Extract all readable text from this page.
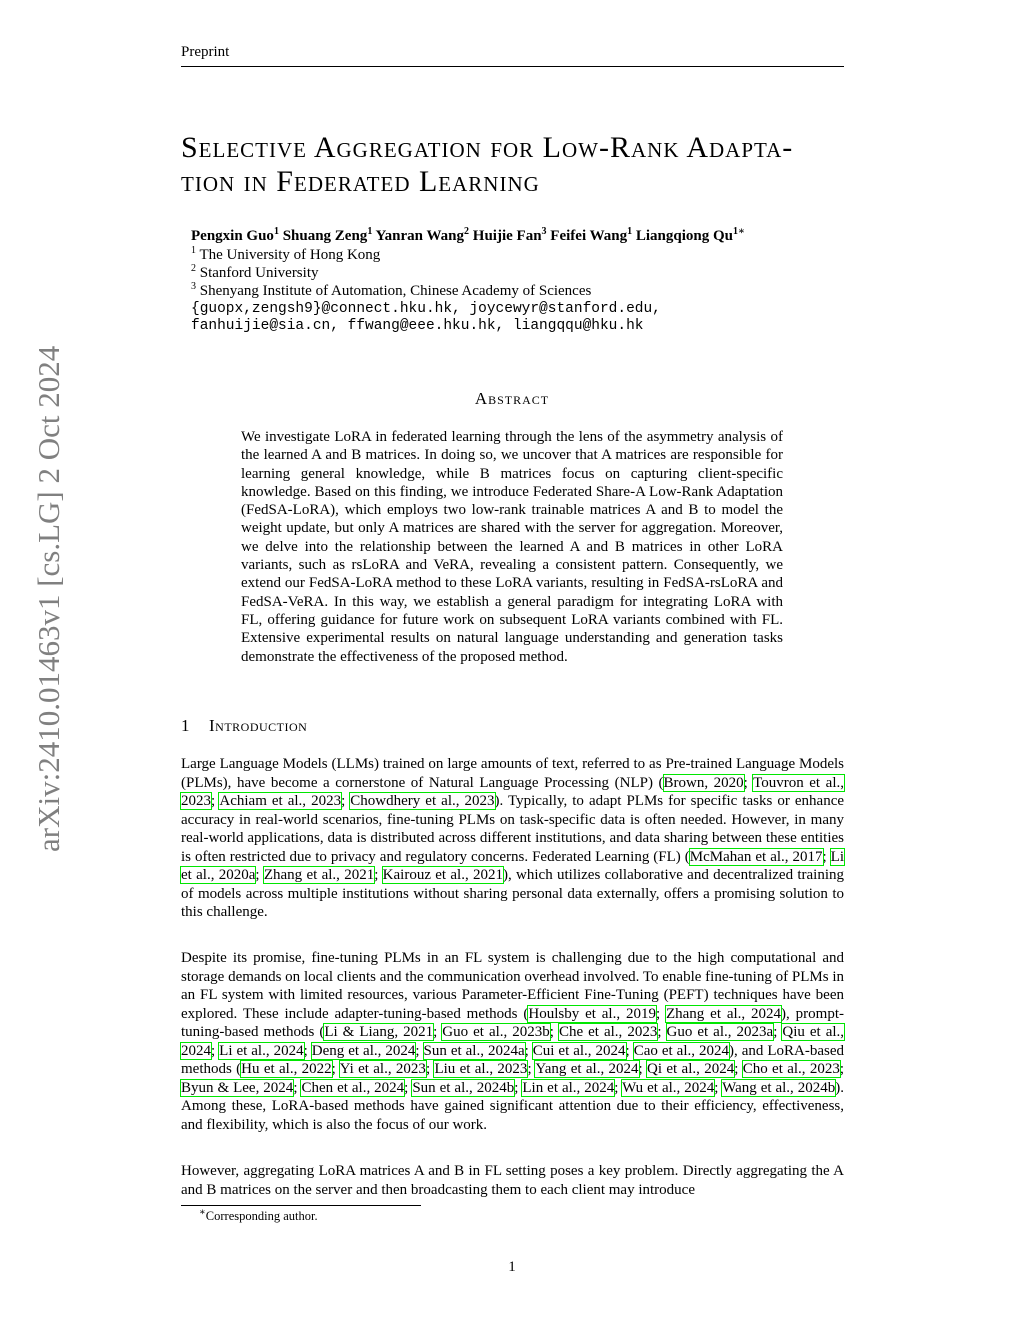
Preprint
arXiv:2410.01463v1 [cs.LG] 2 Oct 2024
Selective Aggregation for Low-Rank Adapta-
tion in Federated Learning
Pengxin Guo$^1$ Shuang Zeng$^1$ Yanran Wang$^2$ Huijie Fan$^3$ Feifei Wang$^1$ Liangqiong $Qu^{1∗}$
$^1$ The University of Hong Kong
$^2$ Stanford University
$^3$ Shenyang Institute of Automation, Chinese Academy of Sciences
{guopx,zengsh9}@connect.hku.hk, joycewyr@stanford.edu,
fanhuijie@sia.cn, ffwang@eee.hku.hk, liangqqu@hku.hk
Abstract
We investigate LoRA in federated learning through the lens of the asymmetry analysis of the learned A and B matrices. In doing so, we uncover that A matrices are responsible for learning general knowledge, while B matrices focus on capturing client-specific knowledge. Based on this finding, we introduce Federated Share-A Low-Rank Adaptation (FedSA-LoRA), which employs two low-rank trainable matrices A and B to model the weight update, but only A matrices are shared with the server for aggregation. Moreover, we delve into the relationship between the learned A and B matrices in other LoRA variants, such as rsLoRA and VeRA, revealing a consistent pattern. Consequently, we extend our FedSA-LoRA method to these LoRA variants, resulting in FedSA-rsLoRA and FedSA-VeRA. In this way, we establish a general paradigm for integrating LoRA with FL, offering guidance for future work on subsequent LoRA variants combined with FL. Extensive experimental results on natural language understanding and generation tasks demonstrate the effectiveness of the proposed method.
1 Introduction
Large Language Models (LLMs) trained on large amounts of text, referred to as Pre-trained Language Models (PLMs), have become a cornerstone of Natural Language Processing (NLP) (Brown, 2020; Touvron et al., 2023; Achiam et al., 2023; Chowdhery et al., 2023). Typically, to adapt PLMs for specific tasks or enhance accuracy in real-world scenarios, fine-tuning PLMs on task-specific data is often needed. However, in many real-world applications, data is distributed across different institutions, and data sharing between these entities is often restricted due to privacy and regulatory concerns. Federated Learning (FL) (McMahan et al., 2017; Li et al., 2020a; Zhang et al., 2021; Kairouz et al., 2021), which utilizes collaborative and decentralized training of models across multiple institutions without sharing personal data externally, offers a promising solution to this challenge.
Despite its promise, fine-tuning PLMs in an FL system is challenging due to the high computational and storage demands on local clients and the communication overhead involved. To enable fine-tuning of PLMs in an FL system with limited resources, various Parameter-Efficient Fine-Tuning (PEFT) techniques have been explored. These include adapter-tuning-based methods (Houlsby et al., 2019; Zhang et al., 2024), prompt-tuning-based methods (Li & Liang, 2021; Guo et al., 2023b; Che et al., 2023; Guo et al., 2023a; Qiu et al., 2024; Li et al., 2024; Deng et al., 2024; Sun et al., 2024a; Cui et al., 2024; Cao et al., 2024), and LoRA-based methods (Hu et al., 2022; Yi et al., 2023; Liu et al., 2023; Yang et al., 2024; Qi et al., 2024; Cho et al., 2023; Byun & Lee, 2024; Chen et al., 2024; Sun et al., 2024b; Lin et al., 2024; Wu et al., 2024; Wang et al., 2024b). Among these, LoRA-based methods have gained significant attention due to their efficiency, effectiveness, and flexibility, which is also the focus of our work.
However, aggregating LoRA matrices A and B in FL setting poses a key problem. Directly aggregating the A and B matrices on the server and then broadcasting them to each client may introduce
∗Corresponding author.
1
